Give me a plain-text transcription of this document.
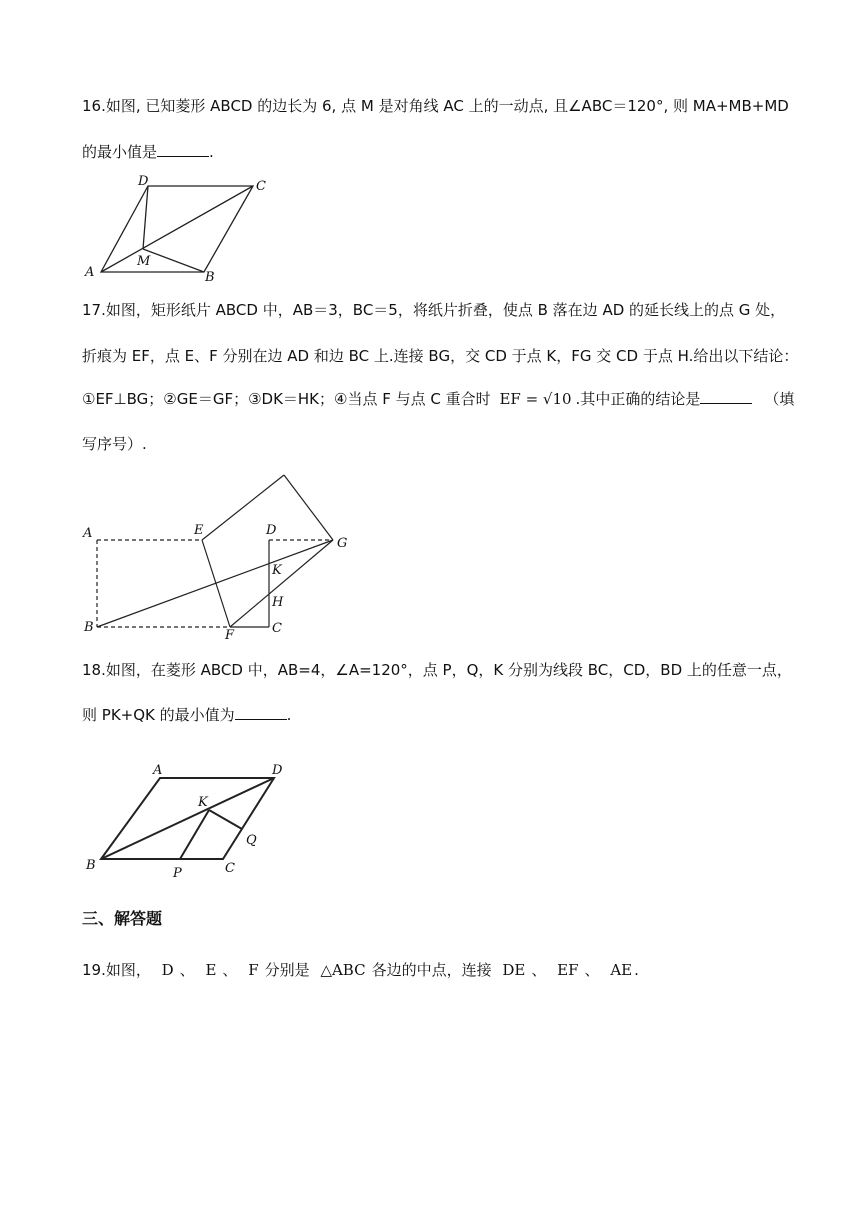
16.如图, 已知菱形 ABCD 的边长为 6, 点 M 是对角线 AC 上的一动点, 且∠ABC＝120°, 则 MA+MB+MD
的最小值是	.
D	C
A
M
B
17.如图，矩形纸片 ABCD 中，AB＝3，BC＝5，将纸片折叠，使点 B 落在边 AD 的延长线上的点 G 处，
折痕为 EF，点 E、F 分别在边 AD 和边 BC 上.连接 BG，交 CD 于点 K，FG 交 CD 于点 H.给出以下结论：
①EF⊥BG；②GE＝GF；③DK＝HK；④当点 F 与点 C 重合时 EF = √10 .其中正确的结论是	（填
写序号）.
A	E	D
G
K
H
B
F	C
18.如图，在菱形 ABCD 中，AB=4，∠A=120°，点 P，Q，K 分别为线段 BC，CD，BD 上的任意一点，
则 PK+QK 的最小值为	.
A	D
K
Q
B
P	C
三、解答题
19.如图， D 、 E 、 F 分别是 △ABC 各边的中点，连接 DE 、 EF 、 AE .
